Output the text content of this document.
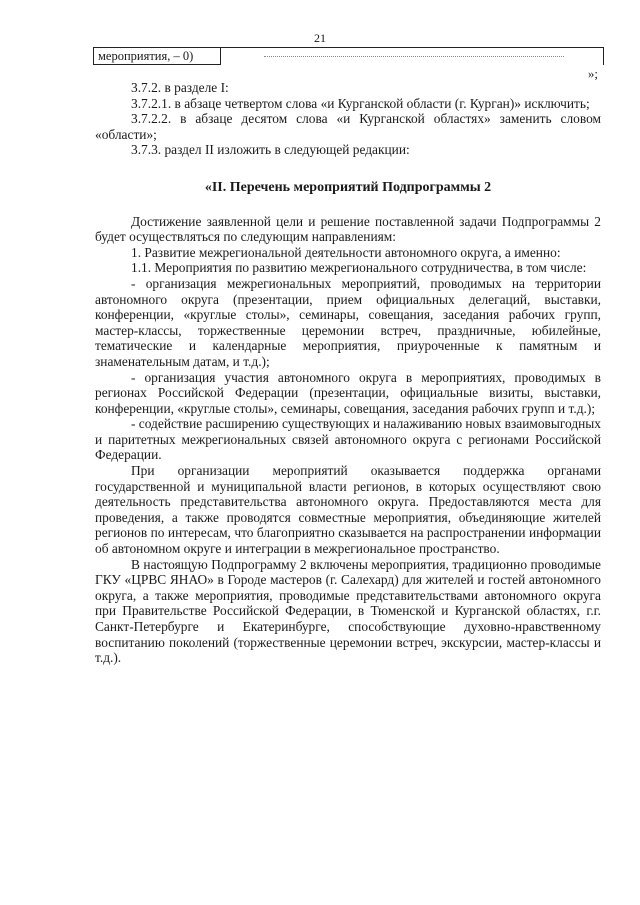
21
мероприятия, – 0)
»;

3.7.2. в разделе I:

3.7.2.1. в абзаце четвертом слова «и Курганской области (г. Курган)» исключить;

3.7.2.2. в абзаце десятом слова «и Курганской областях» заменить словом «области»;

3.7.3. раздел II изложить в следующей редакции:

«II. Перечень мероприятий Подпрограммы 2

Достижение заявленной цели и решение поставленной задачи Подпрограммы 2 будет осуществляться по следующим направлениям:

1. Развитие межрегиональной деятельности автономного округа, а именно:

1.1. Мероприятия по развитию межрегионального сотрудничества, в том числе:

- организация межрегиональных мероприятий, проводимых на территории автономного округа (презентации, прием официальных делегаций, выставки, конференции, «круглые столы», семинары, совещания, заседания рабочих групп, мастер-классы, торжественные церемонии встреч, праздничные, юбилейные, тематические и календарные мероприятия, приуроченные к памятным и знаменательным датам, и т.д.);

- организация участия автономного округа в мероприятиях, проводимых в регионах Российской Федерации (презентации, официальные визиты, выставки, конференции, «круглые столы», семинары, совещания, заседания рабочих групп и т.д.);

- содействие расширению существующих и налаживанию новых взаимовыгодных и паритетных межрегиональных связей автономного округа с регионами Российской Федерации.

При организации мероприятий оказывается поддержка органами государственной и муниципальной власти регионов, в которых осуществляют свою деятельность представительства автономного округа. Предоставляются места для проведения, а также проводятся совместные мероприятия, объединяющие жителей регионов по интересам, что благоприятно сказывается на распространении информации об автономном округе и интеграции в межрегиональное пространство.

В настоящую Подпрограмму 2 включены мероприятия, традиционно проводимые ГКУ «ЦРВС ЯНАО» в Городе мастеров (г. Салехард) для жителей и гостей автономного округа, а также мероприятия, проводимые представительствами автономного округа при Правительстве Российской Федерации, в Тюменской и Курганской областях, г.г. Санкт-Петербурге и Екатеринбурге, способствующие духовно-нравственному воспитанию поколений (торжественные церемонии встреч, экскурсии, мастер-классы и т.д.).
